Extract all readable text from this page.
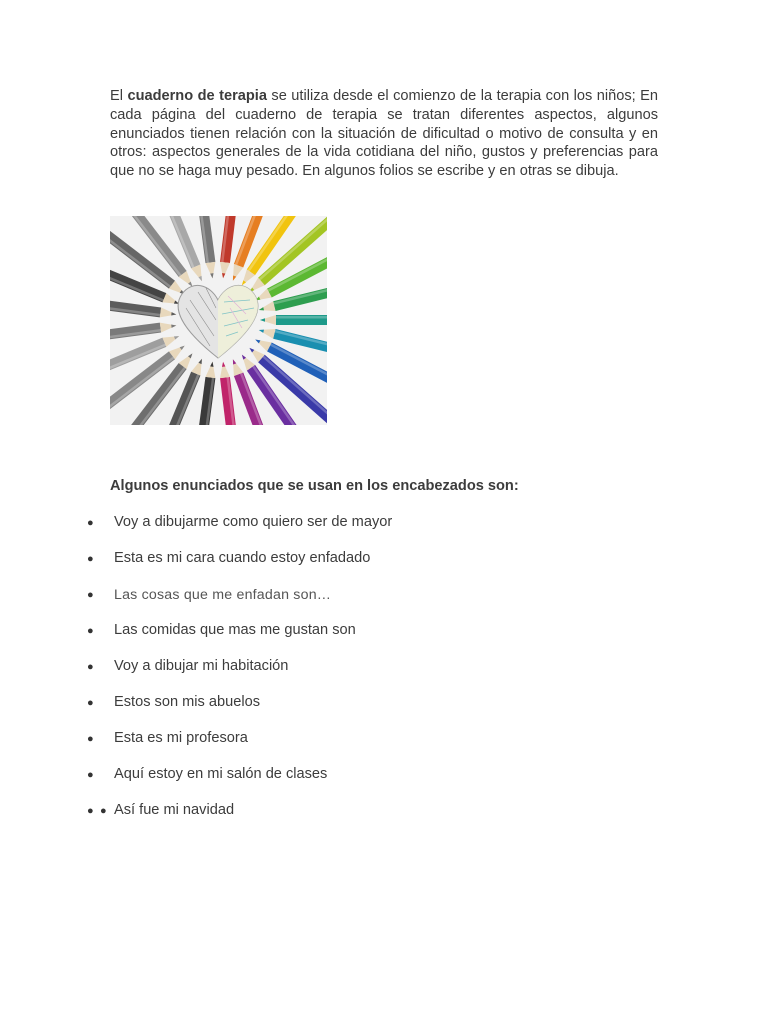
El cuaderno de terapia se utiliza desde el comienzo de la terapia con los niños; En cada página del cuaderno de terapia se tratan diferentes aspectos, algunos enunciados tienen relación con la situación de dificultad o motivo de consulta y en otros: aspectos generales de la vida cotidiana del niño, gustos y preferencias para que no se haga muy pesado. En algunos folios se escribe y en otras se dibuja.

Algunos enunciados que se usan en los encabezados son:

● Voy a dibujarme como quiero ser de mayor
● Esta es mi cara cuando estoy enfadado
● Las cosas que me enfadan son…
● Las comidas que mas me gustan son
● Voy a dibujar mi habitación
● Estos son mis abuelos
● Esta es mi profesora
● Aquí estoy en mi salón de clases
● ● Así fue mi navidad
